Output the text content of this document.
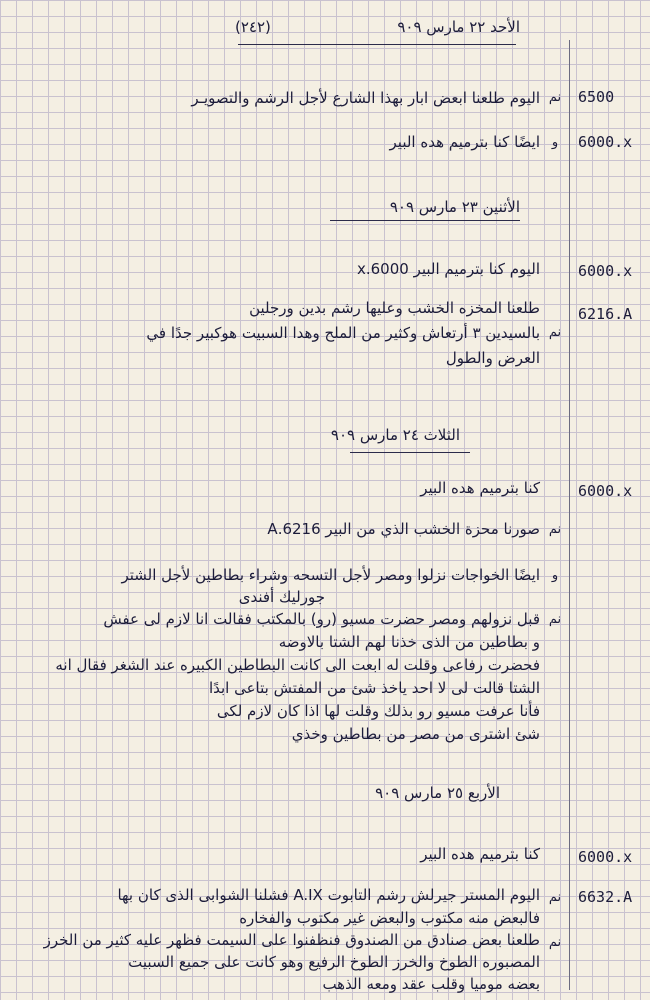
(٢٤٢)	الأحد ٢٢ مارس ٩٠٩
6500
نم
اليوم طلعنا ابعض ابار بهذا الشارع لأجل الرشم والتصويـر
6000.x
و
ايضًا كنا بترميم هده البير
الأثنين ٢٣ مارس ٩٠٩
6000.x
اليوم كنا بترميم البير 6000.x
6216.A
نم
طلعنا المخزه الخشب وعليها رشم بدين ورجلين
بالسيدين ٣ أرتعاش وكثير من الملح وهدا السبيت هوكبير جدًا في
العرض والطول
الثلاث ٢٤ مارس ٩٠٩
6000.x
كنا بترميم هده البير
نم
صورنا محزة الخشب الذي من البير 6216.A
و
ايضًا الخواجات نزلوا ومصر لأجل التسحه وشراء بطاطين لأجل الشتر
جورليك أفندى
نم
قبل نزولهم ومصر حضرت مسيو (رو) بالمكتب فقالت انا لازم لى عفش
و بطاطين من الذى خذنا لهم الشتا بالاوضه
فحضرت رفاعى وقلت له ابعت الى كانت البطاطين الكبيره عند الشغر فقال انه
الشتا قالت لى لا احد ياخذ شئ من المفتش بتاعى ابدًا
فأنا عرفت مسيو رو بذلك وقلت لها اذا كان لازم لكى
شئ اشترى من مصر من بطاطين وخذي
الأربع ٢٥ مارس ٩٠٩
6000.x
كنا بترميم هده البير
6632.A
نم
اليوم المستر جيرلش رشم التابوت A.IX فشلنا الشوابى الذى كان بها
فالبعض منه مكتوب والبعض غير مكتوب والفخاره
نم
طلعنا بعض صنادق من الصندوق فنظفنوا على السيمت فظهر عليه كثير من الخرز
المصبوره الطوخ والخرز الطوخ الرفيع وهو كانت على جميع السبيت
بعضه موميا وقلب عقد ومعه الذهب
